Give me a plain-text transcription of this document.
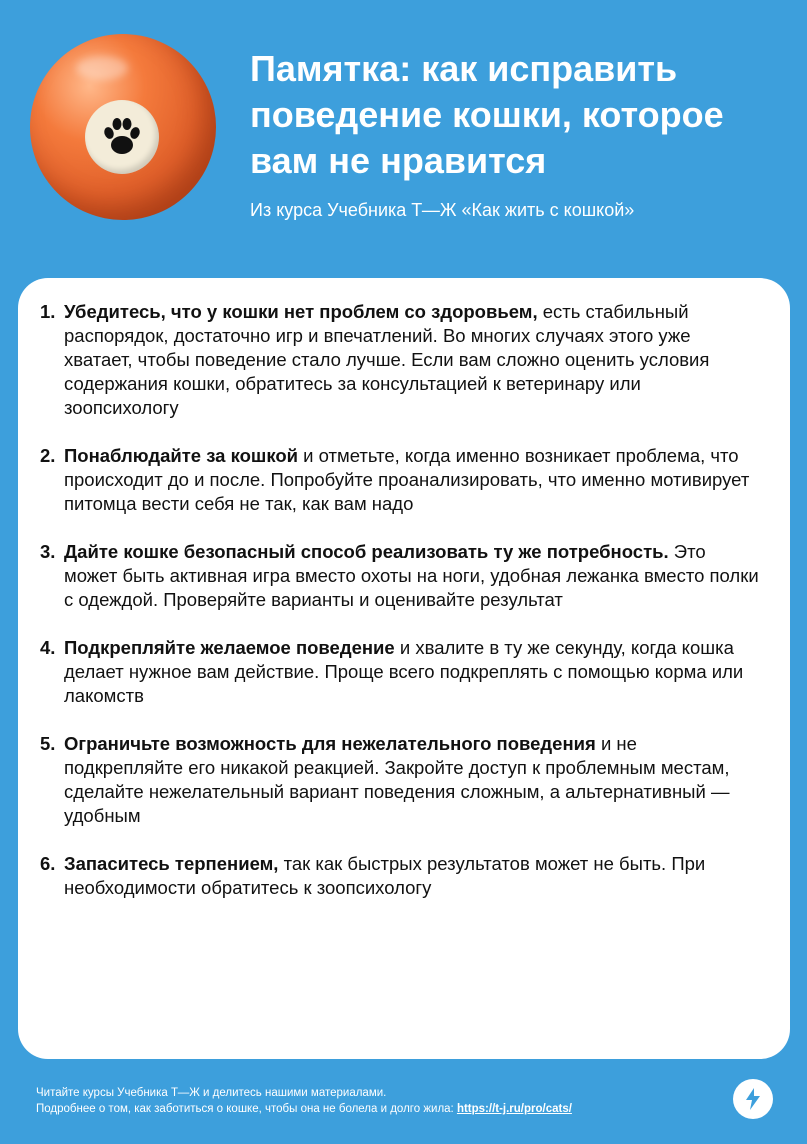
Памятка: как исправить поведение кошки, которое вам не нравится

Из курса Учебника Т—Ж «Как жить с кошкой»

1. Убедитесь, что у кошки нет проблем со здоровьем, есть стабильный распорядок, достаточно игр и впечатлений. Во многих случаях этого уже хватает, чтобы поведение стало лучше. Если вам сложно оценить условия содержания кошки, обратитесь за консультацией к ветеринару или зоопсихологу
2. Понаблюдайте за кошкой и отметьте, когда именно возникает проблема, что происходит до и после. Попробуйте проанализировать, что именно мотивирует питомца вести себя не так, как вам надо
3. Дайте кошке безопасный способ реализовать ту же потребность. Это может быть активная игра вместо охоты на ноги, удобная лежанка вместо полки с одеждой. Проверяйте варианты и оценивайте результат
4. Подкрепляйте желаемое поведение и хвалите в ту же секунду, когда кошка делает нужное вам действие. Проще всего подкреплять с помощью корма или лакомств
5. Ограничьте возможность для нежелательного поведения и не подкрепляйте его никакой реакцией. Закройте доступ к проблемным местам, сделайте нежелательный вариант поведения сложным, а альтернативный — удобным
6. Запаситесь терпением, так как быстрых результатов может не быть. При необходимости обратитесь к зоопсихологу
Читайте курсы Учебника Т—Ж и делитесь нашими материалами.
Подробнее о том, как заботиться о кошке, чтобы она не болела и долго жила: https://t-j.ru/pro/cats/
